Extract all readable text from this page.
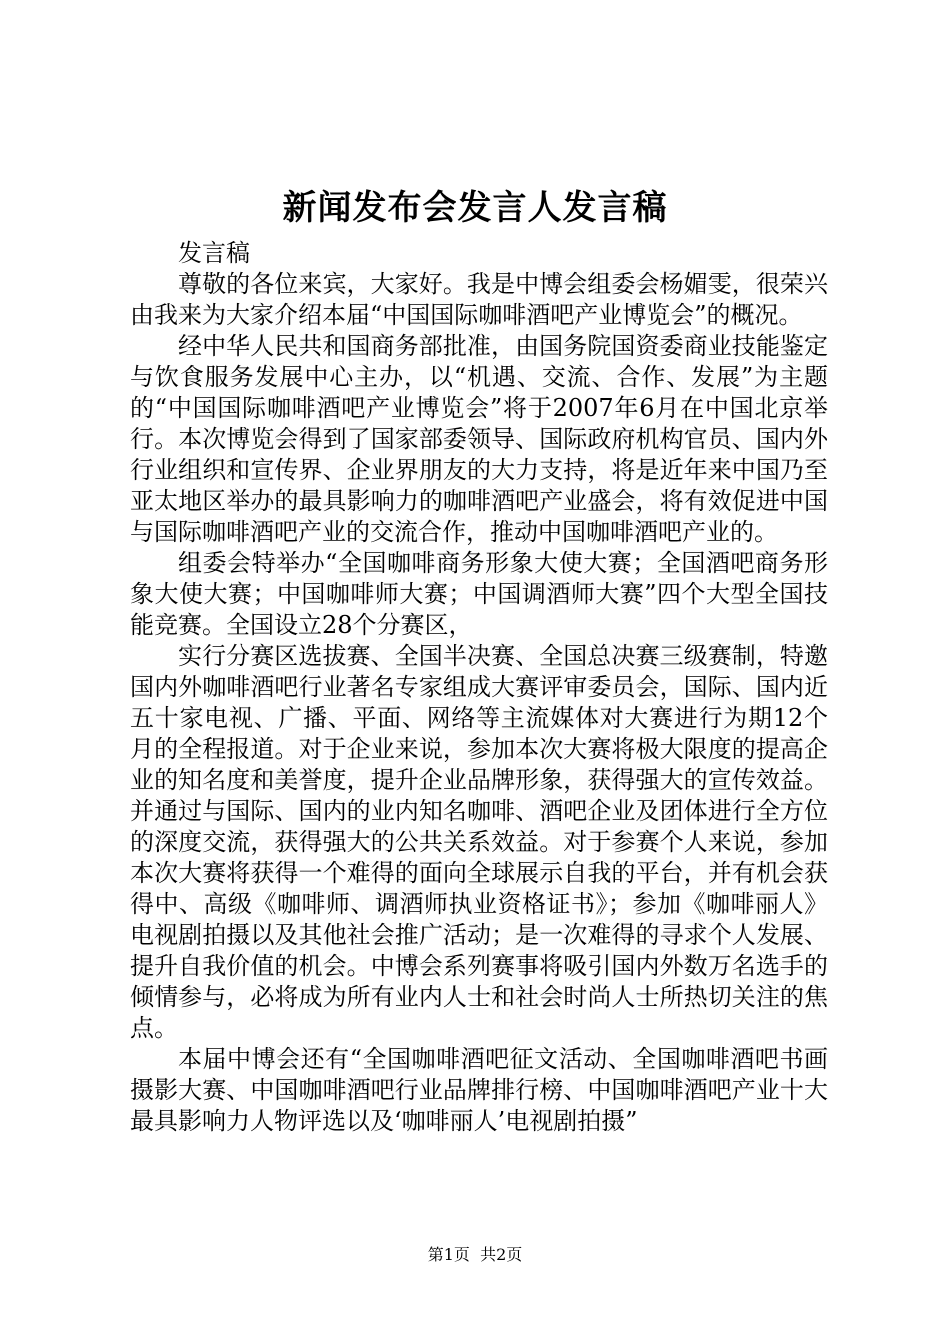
新闻发布会发言人发言稿

发言稿

尊敬的各位来宾，大家好。我是中博会组委会杨媚雯，很荣兴由我来为大家介绍本届“中国国际咖啡酒吧产业博览会”的概况。

经中华人民共和国商务部批准，由国务院国资委商业技能鉴定与饮食服务发展中心主办，以“机遇、交流、合作、发展”为主题的“中国国际咖啡酒吧产业博览会”将于2007年6月在中国北京举行。本次博览会得到了国家部委领导、国际政府机构官员、国内外行业组织和宣传界、企业界朋友的大力支持，将是近年来中国乃至亚太地区举办的最具影响力的咖啡酒吧产业盛会，将有效促进中国与国际咖啡酒吧产业的交流合作，推动中国咖啡酒吧产业的。

组委会特举办“全国咖啡商务形象大使大赛；全国酒吧商务形象大使大赛；中国咖啡师大赛；中国调酒师大赛”四个大型全国技能竞赛。全国设立28个分赛区，

实行分赛区选拔赛、全国半决赛、全国总决赛三级赛制，特邀国内外咖啡酒吧行业著名专家组成大赛评审委员会，国际、国内近五十家电视、广播、平面、网络等主流媒体对大赛进行为期12个月的全程报道。对于企业来说，参加本次大赛将极大限度的提高企业的知名度和美誉度，提升企业品牌形象，获得强大的宣传效益。并通过与国际、国内的业内知名咖啡、酒吧企业及团体进行全方位的深度交流，获得强大的公共关系效益。对于参赛个人来说，参加本次大赛将获得一个难得的面向全球展示自我的平台，并有机会获得中、高级《咖啡师、调酒师执业资格证书》；参加《咖啡丽人》电视剧拍摄以及其他社会推广活动；是一次难得的寻求个人发展、提升自我价值的机会。中博会系列赛事将吸引国内外数万名选手的倾情参与，必将成为所有业内人士和社会时尚人士所热切关注的焦点。

本届中博会还有“全国咖啡酒吧征文活动、全国咖啡酒吧书画摄影大赛、中国咖啡酒吧行业品牌排行榜、中国咖啡酒吧产业十大最具影响力人物评选以及‘咖啡丽人’电视剧拍摄”

第1页 共2页
